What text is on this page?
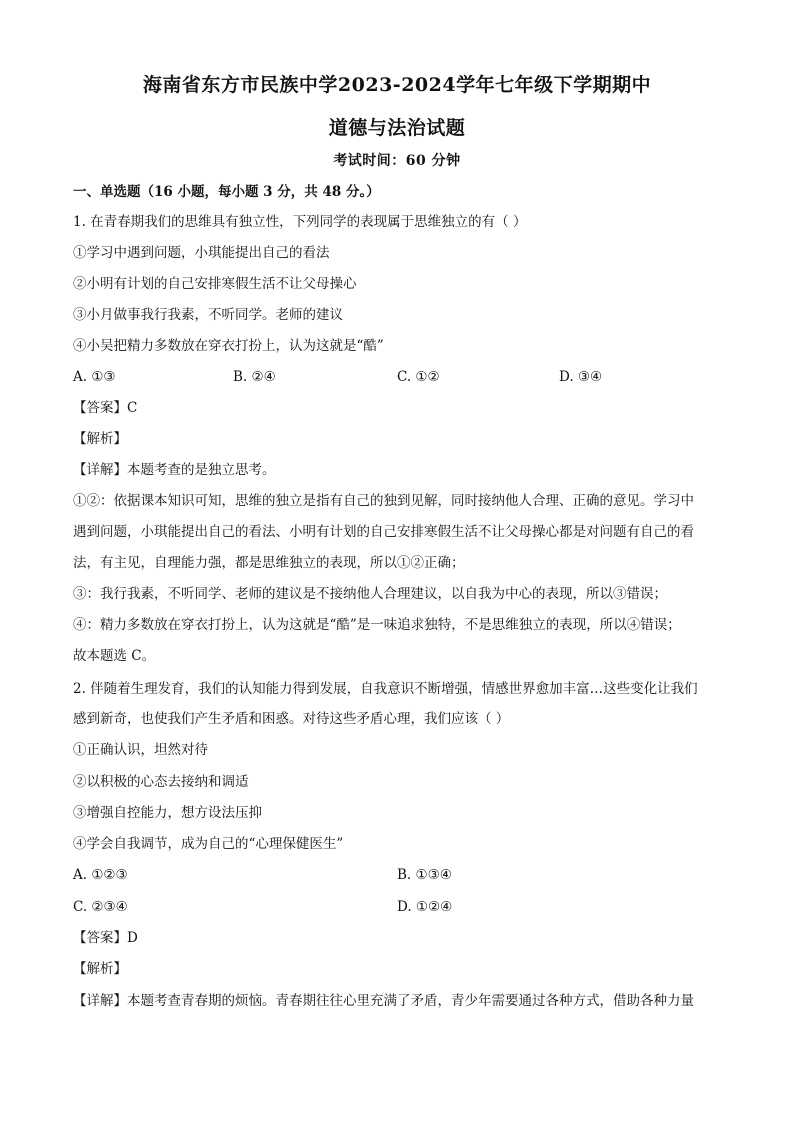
海南省东方市民族中学2023-2024学年七年级下学期期中
道德与法治试题
考试时间：60 分钟
一、单选题（16 小题，每小题 3 分，共 48 分。）
1. 在青春期我们的思维具有独立性，下列同学的表现属于思维独立的有（ ）
①学习中遇到问题，小琪能提出自己的看法
②小明有计划的自己安排寒假生活不让父母操心
③小月做事我行我素，不听同学。老师的建议
④小吴把精力多数放在穿衣打扮上，认为这就是“酷”
A. ①③	B. ②④	C. ①②	D. ③④
【答案】C
【解析】
【详解】本题考查的是独立思考。
①②：依据课本知识可知，思维的独立是指有自己的独到见解，同时接纳他人合理、正确的意见。学习中
遇到问题，小琪能提出自己的看法、小明有计划的自己安排寒假生活不让父母操心都是对问题有自己的看
法，有主见，自理能力强，都是思维独立的表现，所以①②正确；
③：我行我素，不听同学、老师的建议是不接纳他人合理建议，以自我为中心的表现，所以③错误；
④：精力多数放在穿衣打扮上，认为这就是“酷”是一味追求独特，不是思维独立的表现，所以④错误；
故本题选 C。
2. 伴随着生理发育，我们的认知能力得到发展，自我意识不断增强，情感世界愈加丰富…这些变化让我们
感到新奇，也使我们产生矛盾和困惑。对待这些矛盾心理，我们应该（ ）
①正确认识，坦然对待
②以积极的心态去接纳和调适
③增强自控能力，想方设法压抑
④学会自我调节，成为自己的“心理保健医生”
A. ①②③	B. ①③④
C. ②③④	D. ①②④
【答案】D
【解析】
【详解】本题考查青春期的烦恼。青春期往往心里充满了矛盾，青少年需要通过各种方式，借助各种力量
